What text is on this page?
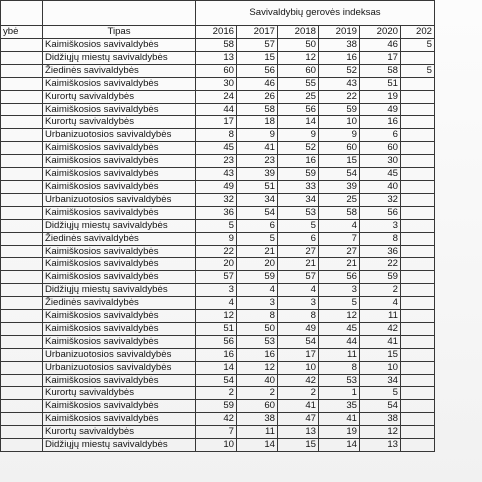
		Savivaldybių gerovės indeksas					
ybė	Tipas	2016	2017	2018	2019	2020	202
	Kaimiškosios savivaldybės	58	57	50	38	46	5
	Didžiųjų miestų savivaldybės	13	15	12	16	17	
	Žiedinės savivaldybės	60	56	60	52	58	5
	Kaimiškosios savivaldybės	30	46	55	43	51	
	Kurortų savivaldybės	24	26	25	22	19	
	Kaimiškosios savivaldybės	44	58	56	59	49	
	Kurortų savivaldybės	17	18	14	10	16	
	Urbanizuotosios savivaldybės	8	9	9	9	6	
	Kaimiškosios savivaldybės	45	41	52	60	60	
	Kaimiškosios savivaldybės	23	23	16	15	30	
	Kaimiškosios savivaldybės	43	39	59	54	45	
	Kaimiškosios savivaldybės	49	51	33	39	40	
	Urbanizuotosios savivaldybės	32	34	34	25	32	
	Kaimiškosios savivaldybės	36	54	53	58	56	
	Didžiųjų miestų savivaldybės	5	6	5	4	3	
	Žiedinės savivaldybės	9	5	6	7	8	
	Kaimiškosios savivaldybės	22	21	27	27	36	
	Kaimiškosios savivaldybės	20	20	21	21	22	
	Kaimiškosios savivaldybės	57	59	57	56	59	
	Didžiųjų miestų savivaldybės	3	4	4	3	2	
	Žiedinės savivaldybės	4	3	3	5	4	
	Kaimiškosios savivaldybės	12	8	8	12	11	
	Kaimiškosios savivaldybės	51	50	49	45	42	
	Kaimiškosios savivaldybės	56	53	54	44	41	
	Urbanizuotosios savivaldybės	16	16	17	11	15	
	Urbanizuotosios savivaldybės	14	12	10	8	10	
	Kaimiškosios savivaldybės	54	40	42	53	34	
	Kurortų savivaldybės	2	2	2	1	5	
	Kaimiškosios savivaldybės	59	60	41	35	54	
	Kaimiškosios savivaldybės	42	38	47	41	38	
	Kurortų savivaldybės	7	11	13	19	12	
	Didžiųjų miestų savivaldybės	10	14	15	14	13	
